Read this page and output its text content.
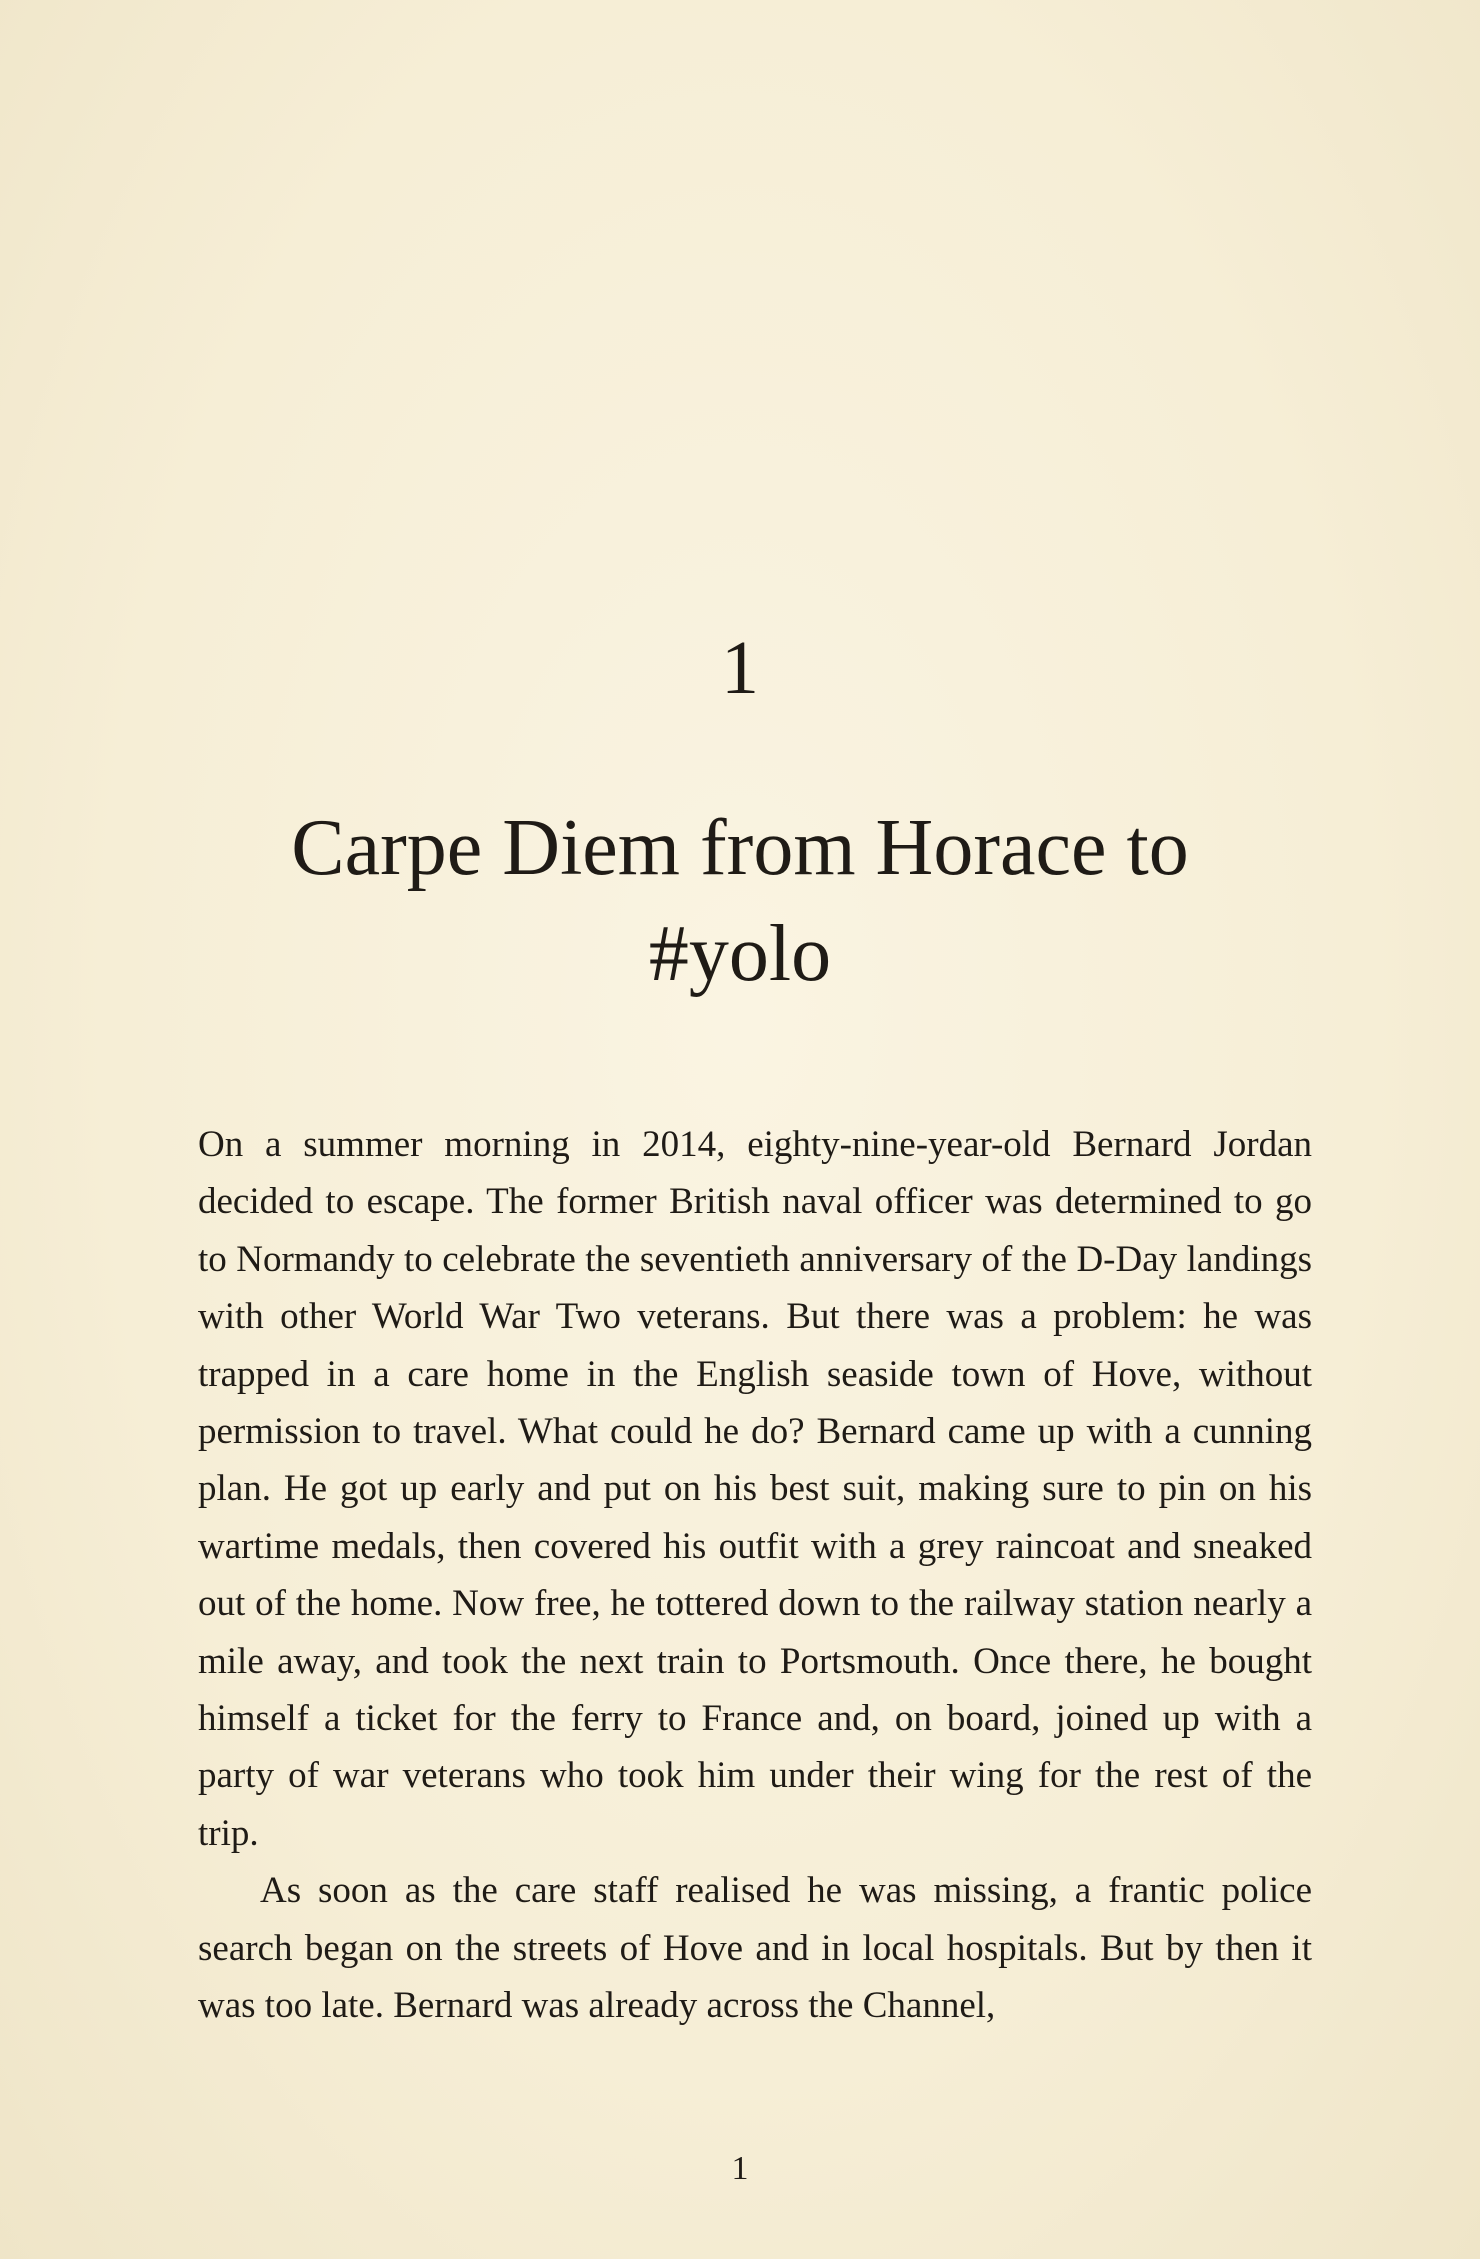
1
Carpe Diem from Horace to #yolo

On a summer morning in 2014, eighty-nine-year-old Bernard Jordan decided to escape. The former British naval officer was determined to go to Normandy to celebrate the seventieth anniversary of the D-Day landings with other World War Two veterans. But there was a problem: he was trapped in a care home in the English seaside town of Hove, without permission to travel. What could he do? Bernard came up with a cunning plan. He got up early and put on his best suit, making sure to pin on his wartime medals, then covered his outfit with a grey raincoat and sneaked out of the home. Now free, he tottered down to the railway station nearly a mile away, and took the next train to Portsmouth. Once there, he bought himself a ticket for the ferry to France and, on board, joined up with a party of war veterans who took him under their wing for the rest of the trip.

As soon as the care staff realised he was missing, a frantic police search began on the streets of Hove and in local hospitals. But by then it was too late. Bernard was already across the Channel,

1
